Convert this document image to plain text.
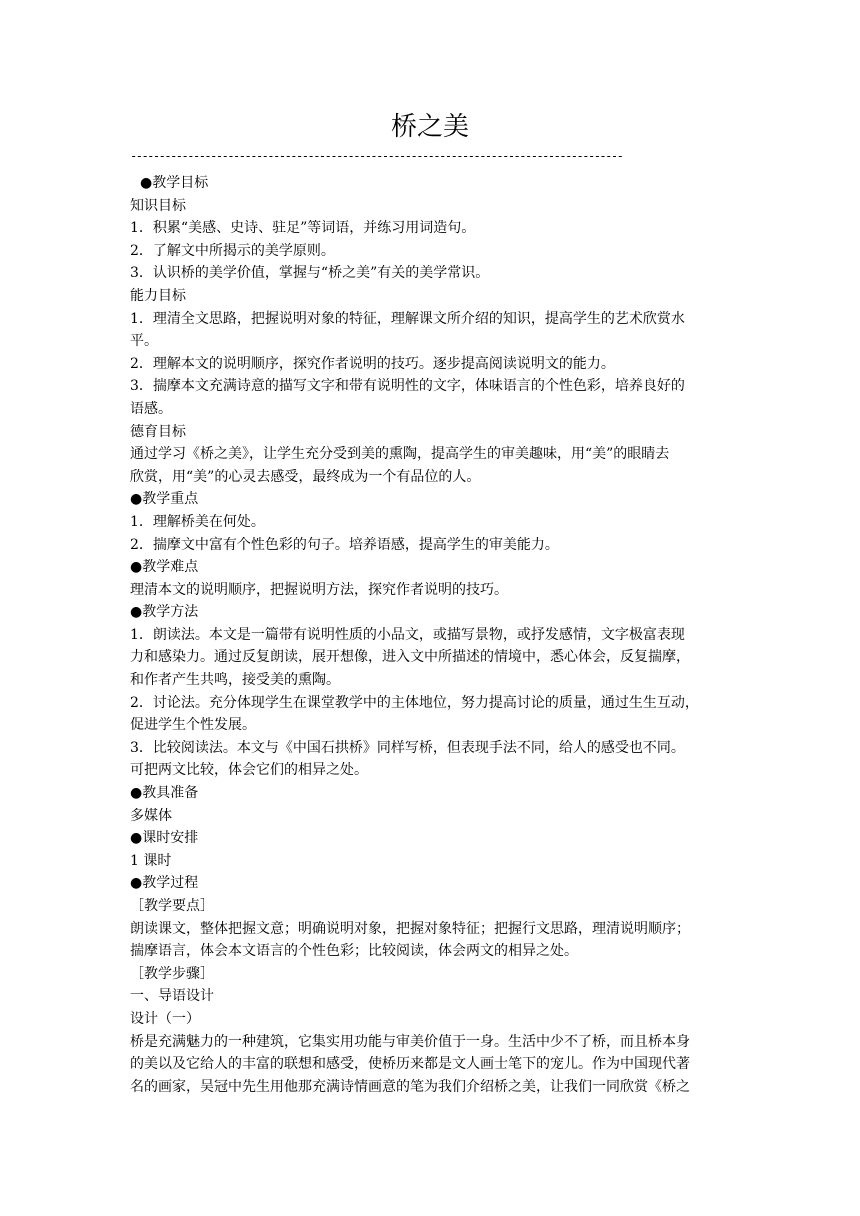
桥之美
--------------------------------------------------------------------------------------

●教学目标

知识目标

1．积累“美感、史诗、驻足”等词语，并练习用词造句。

2．了解文中所揭示的美学原则。

3．认识桥的美学价值，掌握与“桥之美”有关的美学常识。

能力目标

1．理清全文思路，把握说明对象的特征，理解课文所介绍的知识，提高学生的艺术欣赏水

平。

2．理解本文的说明顺序，探究作者说明的技巧。逐步提高阅读说明文的能力。

3．揣摩本文充满诗意的描写文字和带有说明性的文字，体味语言的个性色彩，培养良好的

语感。

德育目标

通过学习《桥之美》，让学生充分受到美的熏陶，提高学生的审美趣味，用“美”的眼睛去

欣赏，用“美”的心灵去感受，最终成为一个有品位的人。

●教学重点

1．理解桥美在何处。

2．揣摩文中富有个性色彩的句子。培养语感，提高学生的审美能力。

●教学难点

理清本文的说明顺序，把握说明方法，探究作者说明的技巧。

●教学方法

1．朗读法。本文是一篇带有说明性质的小品文，或描写景物，或抒发感情，文字极富表现

力和感染力。通过反复朗读，展开想像，进入文中所描述的情境中，悉心体会，反复揣摩，

和作者产生共鸣，接受美的熏陶。

2．讨论法。充分体现学生在课堂教学中的主体地位，努力提高讨论的质量，通过生生互动，

促进学生个性发展。

3．比较阅读法。本文与《中国石拱桥》同样写桥，但表现手法不同，给人的感受也不同。

可把两文比较，体会它们的相异之处。

●教具准备

多媒体

●课时安排

1 课时

●教学过程

［教学要点］

朗读课文，整体把握文意；明确说明对象，把握对象特征；把握行文思路，理清说明顺序；

揣摩语言，体会本文语言的个性色彩；比较阅读，体会两文的相异之处。

［教学步骤］

一、导语设计

设计（一）

桥是充满魅力的一种建筑，它集实用功能与审美价值于一身。生活中少不了桥，而且桥本身

的美以及它给人的丰富的联想和感受，使桥历来都是文人画士笔下的宠儿。作为中国现代著

名的画家，吴冠中先生用他那充满诗情画意的笔为我们介绍桥之美，让我们一同欣赏《桥之
